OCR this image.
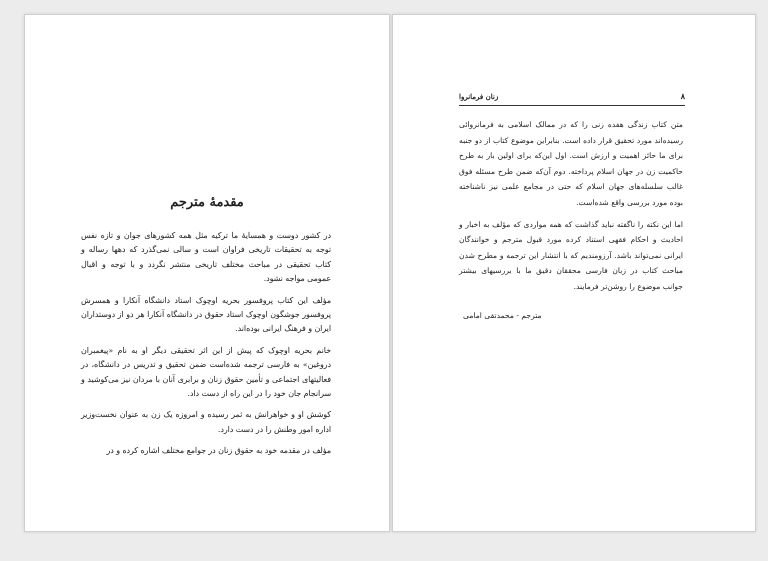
مقدمهٔ مترجم

در کشور دوست و همسایهٔ ما ترکیه مثل همه کشورهای جوان و تازه نفس توجه به تحقیقات تاریخی فراوان است و سالی نمی‌گذرد که دهها رساله و کتاب تحقیقی در مباحث مختلف تاریخی منتشر نگردد و با توجه و اقبال عمومی مواجه نشود.

مؤلف این کتاب پروفسور بحریه اوچوک استاد دانشگاه آنکارا و همسرش پروفسور جوشگون اوچوک استاد حقوق در دانشگاه آنکارا هر دو از دوستداران ایران و فرهنگ ایرانی بوده‌اند.

خانم بحریه اوچوک که پیش از این اثر تحقیقی دیگر او به نام «پیغمبران دروغین» به فارسی ترجمه شده‌است ضمن تحقیق و تدریس در دانشگاه، در فعالیتهای اجتماعی و تأمین حقوق زنان و برابری آنان با مردان نیز می‌کوشید و سرانجام جان خود را در این راه از دست داد.

کوشش او و خواهرانش به ثمر رسیده و امروزه یک زن به عنوان نخست‌وزیر اداره امور وطنش را در دست دارد.

مؤلف در مقدمه خود به حقوق زنان در جوامع مختلف اشاره کرده و در

۸
زنان فرمانروا

متن کتاب زندگی هفده زنی را که در ممالک اسلامی به فرمانروائی رسیده‌اند مورد تحقیق قرار داده است. بنابراین موضوع کتاب از دو جنبه برای ما حائز اهمیت و ارزش است. اول این‌که برای اولین بار به طرح حاکمیت زن در جهان اسلام پرداخته. دوم آن‌که ضمن طرح مسئله فوق غالب سلسله‌های جهان اسلام که حتی در مجامع علمی نیز ناشناخته بوده مورد بررسی واقع شده‌است.

اما این نکته را ناگفته نباید گذاشت که همه مواردی که مؤلف به اخبار و احادیث و احکام فقهی استناد کرده مورد قبول مترجم و خوانندگان ایرانی نمی‌تواند باشد. آرزومندیم که با انتشار این ترجمه و مطرح شدن مباحث کتاب در زبان فارسی محققان دقیق ما با بررسیهای بیشتر جوانب موضوع را روشن‌تر فرمایند.

مترجم - محمدتقی امامی
